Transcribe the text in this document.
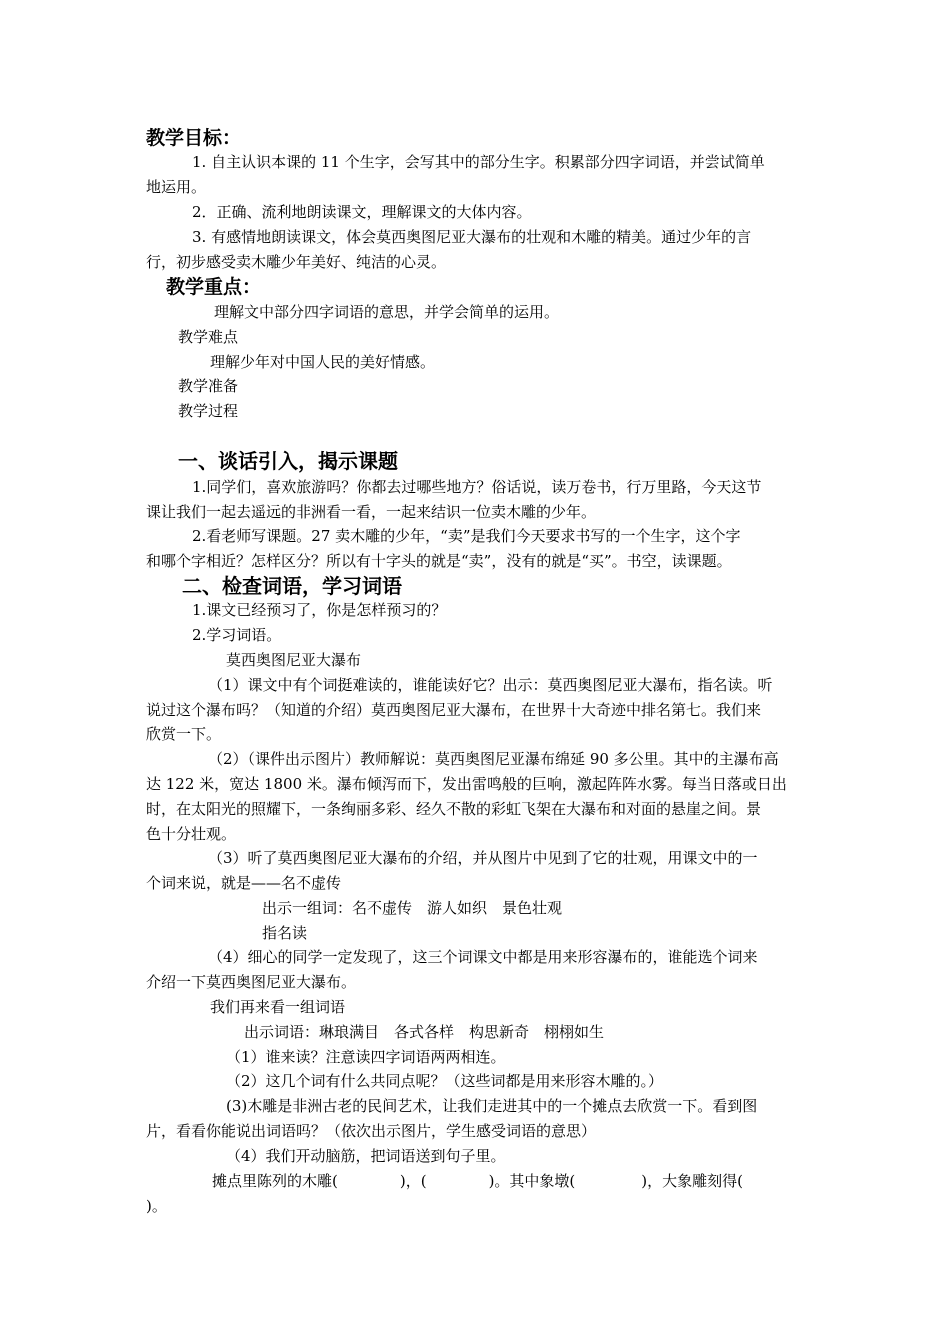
教学目标：
1. 自主认识本课的 11 个生字，会写其中的部分生字。积累部分四字词语，并尝试简单
地运用。
2．正确、流利地朗读课文，理解课文的大体内容。
3. 有感情地朗读课文，体会莫西奥图尼亚大瀑布的壮观和木雕的精美。通过少年的言
行，初步感受卖木雕少年美好、纯洁的心灵。
教学重点：
理解文中部分四字词语的意思，并学会简单的运用。
教学难点
理解少年对中国人民的美好情感。
教学准备
教学过程
一、谈话引入，揭示课题
1.同学们，喜欢旅游吗？你都去过哪些地方？俗话说，读万卷书，行万里路，今天这节
课让我们一起去遥远的非洲看一看，一起来结识一位卖木雕的少年。
2.看老师写课题。27 卖木雕的少年，“卖”是我们今天要求书写的一个生字，这个字
和哪个字相近？怎样区分？所以有十字头的就是“卖”，没有的就是“买”。书空，读课题。
二、检查词语，学习词语
1.课文已经预习了，你是怎样预习的？
2.学习词语。
莫西奥图尼亚大瀑布
（1）课文中有个词挺难读的，谁能读好它？出示：莫西奥图尼亚大瀑布，指名读。听
说过这个瀑布吗？（知道的介绍）莫西奥图尼亚大瀑布，在世界十大奇迹中排名第七。我们来
欣赏一下。
（2）（课件出示图片）教师解说：莫西奥图尼亚瀑布绵延 90 多公里。其中的主瀑布高
达 122 米，宽达 1800 米。瀑布倾泻而下，发出雷鸣般的巨响，激起阵阵水雾。每当日落或日出
时，在太阳光的照耀下，一条绚丽多彩、经久不散的彩虹飞架在大瀑布和对面的悬崖之间。景
色十分壮观。
（3）听了莫西奥图尼亚大瀑布的介绍，并从图片中见到了它的壮观，用课文中的一
个词来说，就是——名不虚传
出示一组词：名不虚传　游人如织　景色壮观
指名读
（4）细心的同学一定发现了，这三个词课文中都是用来形容瀑布的，谁能选个词来
介绍一下莫西奥图尼亚大瀑布。
我们再来看一组词语
出示词语：琳琅满目　各式各样　构思新奇　栩栩如生
（1）谁来读？注意读四字词语两两相连。
（2）这几个词有什么共同点呢？（这些词都是用来形容木雕的。）
(3)木雕是非洲古老的民间艺术，让我们走进其中的一个摊点去欣赏一下。看到图
片，看看你能说出词语吗？（依次出示图片，学生感受词语的意思）
（4）我们开动脑筋，把词语送到句子里。
摊点里陈列的木雕(	)，(	)。其中象墩(	)，大象雕刻得(
)。
